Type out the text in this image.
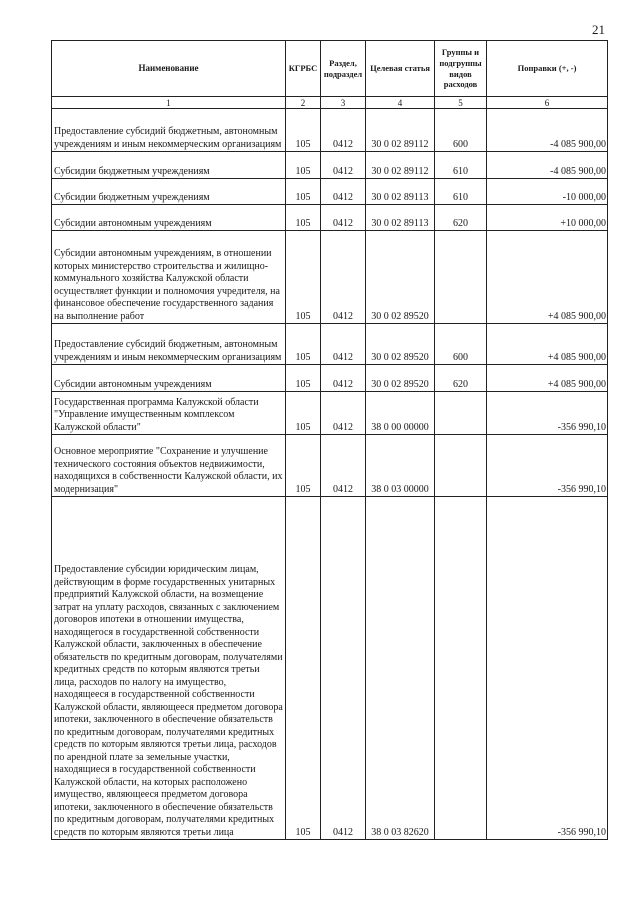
21
Наименование	КГРБС	Раздел, подраздел	Целевая статья	Группы и подгруппы видов расходов	Поправки (+, -)
1	2	3	4	5	6
Предоставление субсидий бюджетным, автономным учреждениям и иным некоммерческим организациям	105	0412	30 0 02 89112	600	-4 085 900,00
Субсидии бюджетным учреждениям	105	0412	30 0 02 89112	610	-4 085 900,00
Субсидии бюджетным учреждениям	105	0412	30 0 02 89113	610	-10 000,00
Субсидии автономным учреждениям	105	0412	30 0 02 89113	620	+10 000,00
Субсидии автономным учреждениям, в отношении которых министерство строительства и жилищно-коммунального хозяйства Калужской области осуществляет функции и полномочия учредителя, на финансовое обеспечение государственного задания на выполнение работ	105	0412	30 0 02 89520		+4 085 900,00
Предоставление субсидий бюджетным, автономным учреждениям и иным некоммерческим организациям	105	0412	30 0 02 89520	600	+4 085 900,00
Субсидии автономным учреждениям	105	0412	30 0 02 89520	620	+4 085 900,00
Государственная программа Калужской области "Управление имущественным комплексом Калужской области"	105	0412	38 0 00 00000		-356 990,10
Основное мероприятие "Сохранение и улучшение технического состояния объектов недвижимости, находящихся в собственности Калужской области, их модернизация"	105	0412	38 0 03 00000		-356 990,10
Предоставление субсидии юридическим лицам, действующим в форме государственных унитарных предприятий Калужской области, на возмещение затрат на уплату расходов, связанных с заключением договоров ипотеки в отношении имущества, находящегося в государственной собственности Калужской области, заключенных в обеспечение обязательств по кредитным договорам, получателями кредитных средств по которым являются третьи лица, расходов по налогу на имущество, находящееся в государственной собственности Калужской области, являющееся предметом договора ипотеки, заключенного в обеспечение обязательств по кредитным договорам, получателями кредитных средств по которым являются третьи лица, расходов по арендной плате за земельные участки, находящиеся в государственной собственности Калужской области, на которых расположено имущество, являющееся предметом договора ипотеки, заключенного в обеспечение обязательств по кредитным договорам, получателями кредитных средств по которым являются третьи лица	105	0412	38 0 03 82620		-356 990,10
